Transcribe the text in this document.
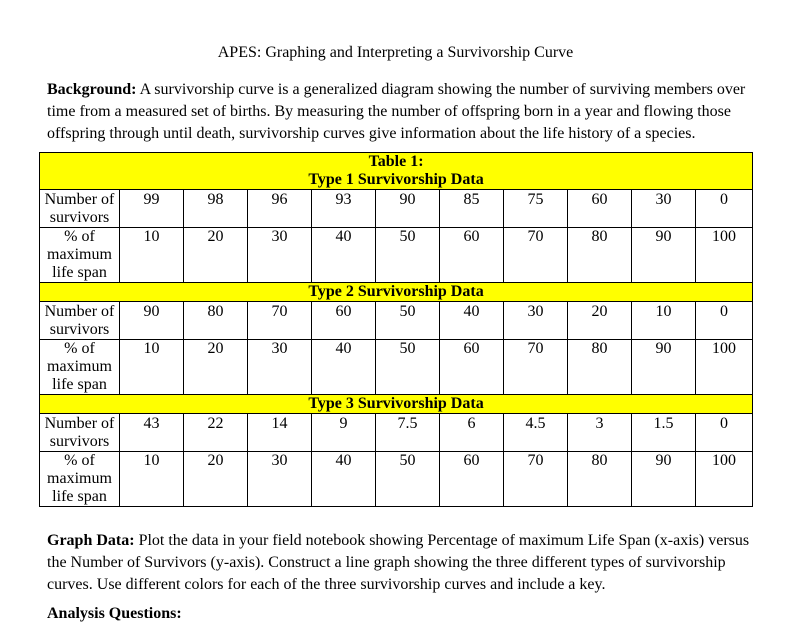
APES: Graphing and Interpreting a Survivorship Curve
Background: A survivorship curve is a generalized diagram showing the number of surviving members over time from a measured set of births. By measuring the number of offspring born in a year and flowing those offspring through until death, survivorship curves give information about the life history of a species.
Table 1:
Type 1 Survivorship Data										

Number of survivors	99	98	96	93	90	85	75	60	30	0
% of maximum life span	10	20	30	40	50	60	70	80	90	100

Type 2 Survivorship Data										

Number of survivors	90	80	70	60	50	40	30	20	10	0
% of maximum life span	10	20	30	40	50	60	70	80	90	100

Type 3 Survivorship Data										

Number of survivors	43	22	14	9	7.5	6	4.5	3	1.5	0
% of maximum life span	10	20	30	40	50	60	70	80	90	100
Graph Data: Plot the data in your field notebook showing Percentage of maximum Life Span (x-axis) versus the Number of Survivors (y-axis). Construct a line graph showing the three different types of survivorship curves. Use different colors for each of the three survivorship curves and include a key.
Analysis Questions:
